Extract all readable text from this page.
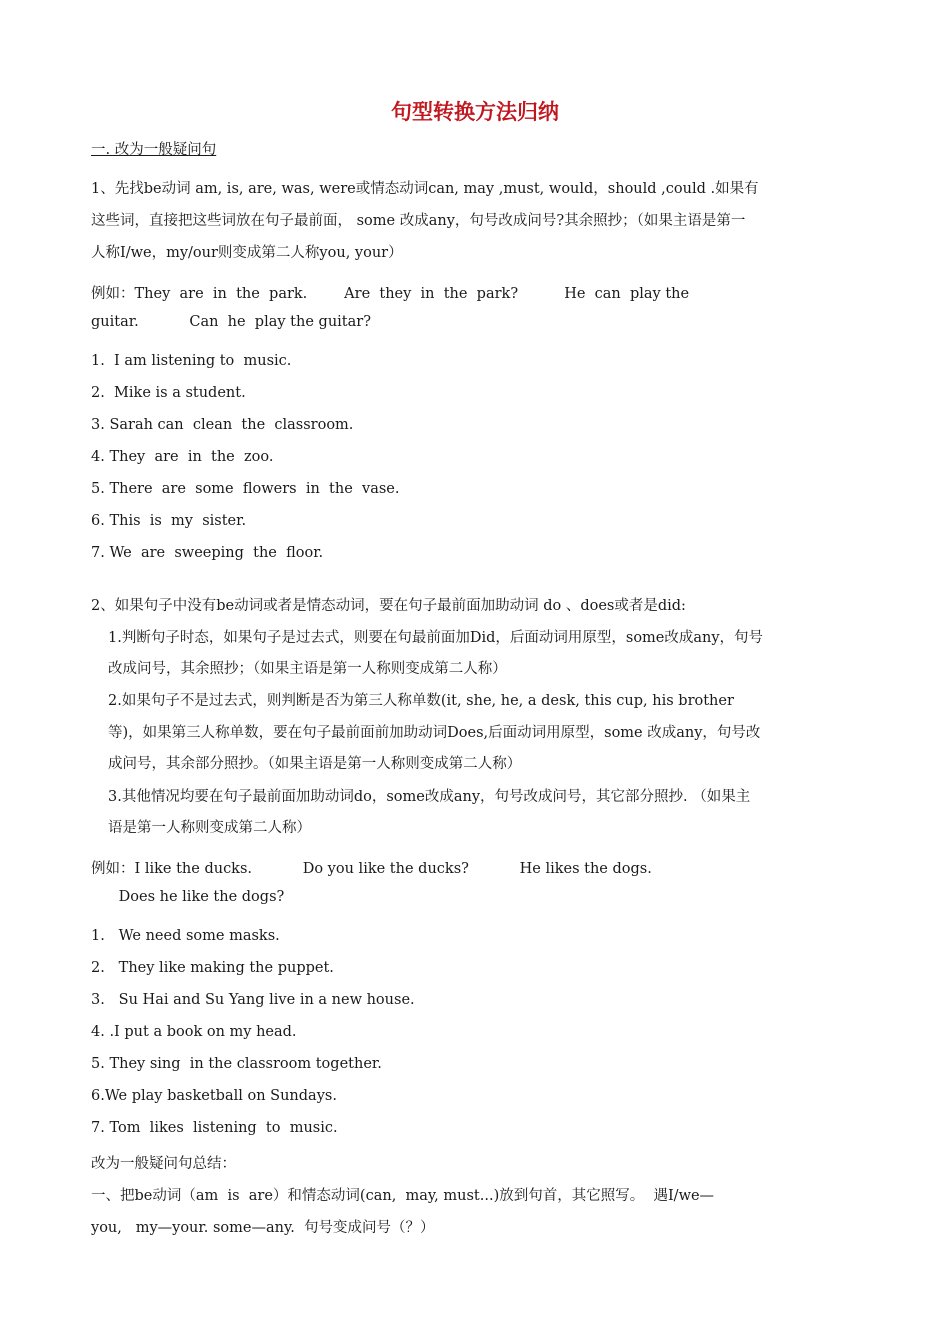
句型转换方法归纳
一. 改为一般疑问句
1、先找be动词 am, is, are, was, were或情态动词can, may ,must, would，should ,could .如果有
这些词，直接把这些词放在句子最前面， some 改成any，句号改成问号?其余照抄；（如果主语是第一
人称I/we，my/our则变成第二人称you, your）
例如：They  are  in  the  park.        Are  they  in  the  park?          He  can  play the
guitar.           Can  he  play the guitar?
1.  I am listening to  music.
2.  Mike is a student.
3. Sarah can  clean  the  classroom.
4. They  are  in  the  zoo.
5. There  are  some  flowers  in  the  vase.
6. This  is  my  sister.
7. We  are  sweeping  the  floor.
2、如果句子中没有be动词或者是情态动词，要在句子最前面加助动词 do 、does或者是did:
1.判断句子时态，如果句子是过去式，则要在句最前面加Did，后面动词用原型，some改成any，句号
改成问号，其余照抄；（如果主语是第一人称则变成第二人称）
2.如果句子不是过去式，则判断是否为第三人称单数(it, she, he, a desk, this cup, his brother
等)，如果第三人称单数，要在句子最前面前加助动词Does,后面动词用原型，some 改成any，句号改
成问号，其余部分照抄。（如果主语是第一人称则变成第二人称）
3.其他情况均要在句子最前面加助动词do，some改成any，句号改成问号，其它部分照抄. （如果主
语是第一人称则变成第二人称）
例如：I like the ducks.           Do you like the ducks?           He likes the dogs.
Does he like the dogs?
1.   We need some masks.
2.   They like making the puppet.
3.   Su Hai and Su Yang live in a new house.
4. .I put a book on my head.
5. They sing  in the classroom together.
6.We play basketball on Sundays.
7. Tom  likes  listening  to  music.
改为一般疑问句总结：
一、把be动词（am  is  are）和情态动词(can,  may, must...)放到句首，其它照写。  遇I/we—
you,   my—your. some—any.  句号变成问号（？）
